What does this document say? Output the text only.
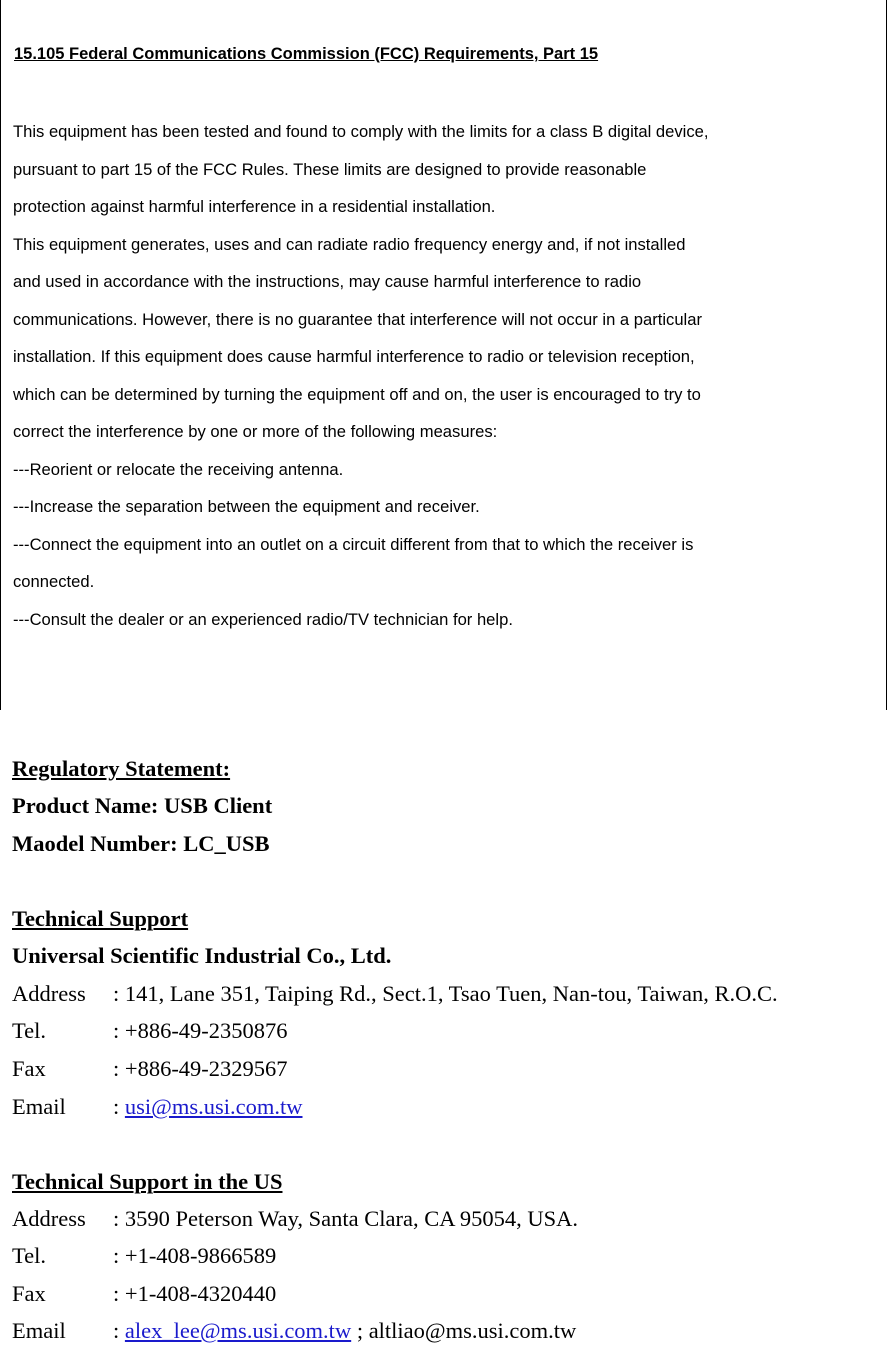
15.105 Federal Communications Commission (FCC) Requirements, Part 15
This equipment has been tested and found to comply with the limits for a class B digital device,
pursuant to part 15 of the FCC Rules. These limits are designed to provide reasonable
protection against harmful interference in a residential installation.
This equipment generates, uses and can radiate radio frequency energy and, if not installed
and used in accordance with the instructions, may cause harmful interference to radio
communications. However, there is no guarantee that interference will not occur in a particular
installation. If this equipment does cause harmful interference to radio or television reception,
which can be determined by turning the equipment off and on, the user is encouraged to try to
correct the interference by one or more of the following measures:
---Reorient or relocate the receiving antenna.
---Increase the separation between the equipment and receiver.
---Connect the equipment into an outlet on a circuit different from that to which the receiver is
connected.
---Consult the dealer or an experienced radio/TV technician for help.
Regulatory Statement:
Product Name: USB Client
Maodel Number: LC_USB
Technical Support
Universal Scientific Industrial Co., Ltd.
Address : 141, Lane 351, Taiping Rd., Sect.1, Tsao Tuen, Nan-tou, Taiwan, R.O.C.
Tel.	: +886-49-2350876
Fax	: +886-49-2329567
Email : usi@ms.usi.com.tw
Technical Support in the US
Address : 3590 Peterson Way, Santa Clara, CA 95054, USA.
Tel.	: +1-408-9866589
Fax	: +1-408-4320440
Email : alex_lee@ms.usi.com.tw ; altliao@ms.usi.com.tw
